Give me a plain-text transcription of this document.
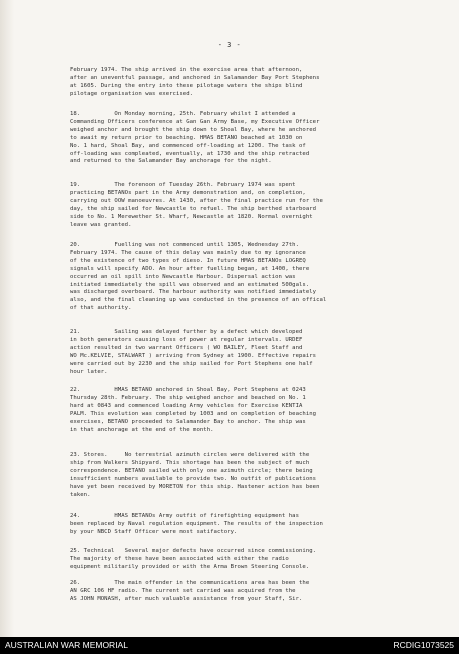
- 3 -
February 1974. The ship arrived in the exercise area that afternoon,
after an uneventful passage, and anchored in Salamander Bay Port Stephens
at 1605. During the entry into these pilotage waters the ships blind
pilotage organisation was exercised.
18.          On Monday morning, 25th. February whilst I attended a
Commanding Officers conference at Gan Gan Army Base, my Executive Officer
weighed anchor and brought the ship down to Shoal Bay, where he anchored
to await my return prior to beaching. HMAS BETANO beached at 1030 on
No. 1 hard, Shoal Bay, and commenced off-loading at 1200. The task of
off-loading was compleated, eventually, at 1730 and the ship retracted
and returned to the Salamander Bay anchorage for the night.
19.          The forenoon of Tuesday 26th. February 1974 was spent
practicing BETANOs part in the Army demonstration and, on completion,
carrying out OOW manoeuvres. At 1430, after the final practice run for the
day, the ship sailed for Newcastle to refuel. The ship berthed starboard
side to No. 1 Merewether St. Wharf, Newcastle at 1820. Normal overnight
leave was granted.
20.          Fuelling was not commenced until 1305, Wednesday 27th.
February 1974. The cause of this delay was mainly due to my ignorance
of the existence of two types of dieso. In future HMAS BETANOs LOGREQ
signals will specify ADO. An hour after fuelling began, at 1400, there
occurred an oil spill into Newcastle Harbour. Dispersal action was
initiated immediately the spill was observed and an estimated 500gals.
was discharged overboard. The harbour authority was notified immediately
also, and the final cleaning up was conducted in the presence of an offical
of that authority.
21.          Sailing was delayed further by a defect which developed
in both generators causing loss of power at regular intervals. URDEF
action resulted in two warrant Officers ( WO BAILEY, Fleet Staff and
WO Mc.KELVIE, STALWART ) arriving from Sydney at 1900. Effective repairs
were carried out by 2230 and the ship sailed for Port Stephens one half
hour later.
22.          HMAS BETANO anchored in Shoal Bay, Port Stephens at 0243
Thursday 28th. February. The ship weighed anchor and beached on No. 1
hard at 0843 and commenced loading Army vehicles for Exercise KENTIA
PALM. This evolution was completed by 1003 and on completion of beaching
exercises, BETANO proceeded to Salamander Bay to anchor. The ship was
in that anchorage at the end of the month.
23. Stores.     No terrestrial azimuth circles were delivered with the
ship from Walkers Shipyard. This shortage has been the subject of much
correspondence. BETANO sailed with only one azimuth circle; there being
insufficient numbers available to provide two. No outfit of publications
have yet been received by MORETON for this ship. Hastener action has been
taken.
24.          HMAS BETANOs Army outfit of firefighting equipment has
been replaced by Naval regulation equipment. The results of the inspection
by your NBCD Staff Officer were most satifactory.
25. Technical   Several major defects have occurred since commissioning.
The majority of these have been associated with either the radio
equipment militarily provided or with the Arma Brown Steering Console.
26.          The main offender in the communications area has been the
AN GRC 106 HF radio. The current set carried was acquired from the
AS JOHN MONASH, after much valuable assistance from your Staff, Sir.
AUSTRALIAN WAR MEMORIAL	RCDIG1073525
